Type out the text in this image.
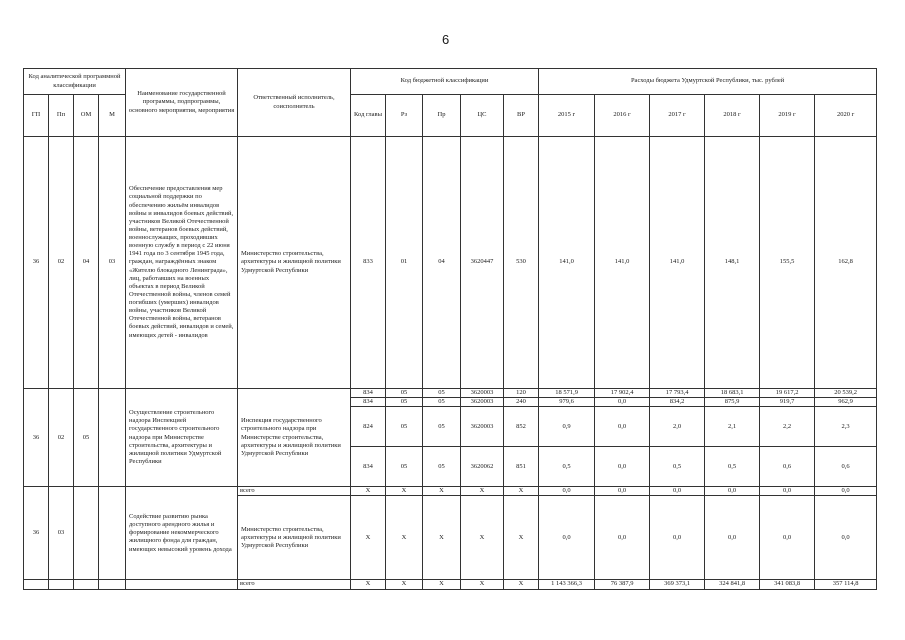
6
Код аналитической программной классификации				Наименование государственной программы, подпрограммы, основного мероприятия, мероприятия	Ответственный исполнитель, соисполнитель	Код бюджетной классификации					Расходы бюджета Удмуртской Республики, тыс. рублей					
ГП	Пп	ОМ	М			Код главы	Рз	Пр	ЦС	ВР	2015 г	2016 г	2017 г	2018 г	2019 г	2020 г
36	02	04	03	Обеспечение предоставления мер социальной поддержки по обеспечению жильём инвалидов войны и инвалидов боевых действий, участников Великой Отечественной войны, ветеранов боевых действий, военнослужащих, проходивших военную службу в период с 22 июня 1941 года по 3 сентября 1945 года, граждан, награждённых знаком «Жителю блокадного Ленинграда», лиц, работавших на военных объектах в период Великой Отечественной войны, членов семей погибших (умерших) инвалидов войны, участников Великой Отечественной войны, ветеранов боевых действий, инвалидов и семей, имеющих детей - инвалидов	Министерство строительства, архитектуры и жилищной политики Удмуртской Республики	833	01	04	3620447	530	141,0	141,0	141,0	148,1	155,5	162,8
36	02	05		Осуществление строительного надзора Инспекцией государственного строительного надзора при Министерстве строительства, архитектуры и жилищной политики Удмуртской Республики	Инспекция государственного строительного надзора при Министерстве строительства, архитектуры и жилищной политики Удмуртской Республики	834	05	05	3620003	120	18 571,9	17 902,4	17 793,4	18 683,1	19 617,2	20 539,2
						834	05	05	3620003	240	979,6	0,0	834,2	875,9	919,7	962,9
						824	05	05	3620003	852	0,9	0,0	2,0	2,1	2,2	2,3
						834	05	05	3620062	851	0,5	0,0	0,5	0,5	0,6	0,6
36	03			Содействие развитию рынка доступного арендного жилья и формирование некоммерческого жилищного фонда для граждан, имеющих невысокий уровень дохода	всего	X	X	X	X	X	0,0	0,0	0,0	0,0	0,0	0,0
					Министерство строительства, архитектуры и жилищной политики Удмуртской Республики	X	X	X	X	X	0,0	0,0	0,0	0,0	0,0	0,0
					всего	X	X	X	X	X	1 143 366,3	76 387,9	369 373,1	324 841,8	341 083,8	357 114,8
